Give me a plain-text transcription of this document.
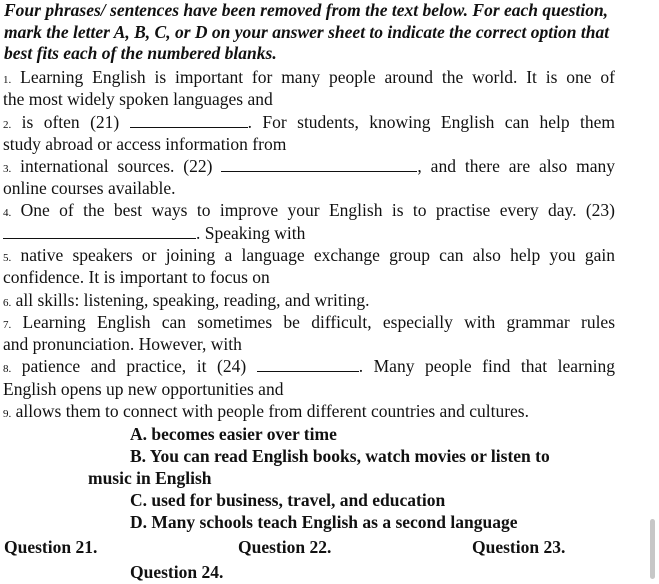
Four phrases/ sentences have been removed from the text below. For each question, mark the letter A, B, C, or D on your answer sheet to indicate the correct option that best fits each of the numbered blanks.

1. Learning English is important for many people around the world. It is one of
the most widely spoken languages and
2. is often (21)	. For students, knowing English can help them
study abroad or access information from
3. international sources. (22)	, and there are also many
online courses available.
4. One of the best ways to improve your English is to practise every day. (23)
. Speaking with
5. native speakers or joining a language exchange group can also help you gain
confidence. It is important to focus on
6. all skills: listening, speaking, reading, and writing.
7. Learning English can sometimes be difficult, especially with grammar rules
and pronunciation. However, with
8. patience and practice, it (24)	. Many people find that learning
English opens up new opportunities and
9. allows them to connect with people from different countries and cultures.
A. becomes easier over time
B. You can read English books, watch movies or listen to
music in English
C. used for business, travel, and education
D. Many schools teach English as a second language
Question 21.	Question 22.	Question 23.
Question 24.
